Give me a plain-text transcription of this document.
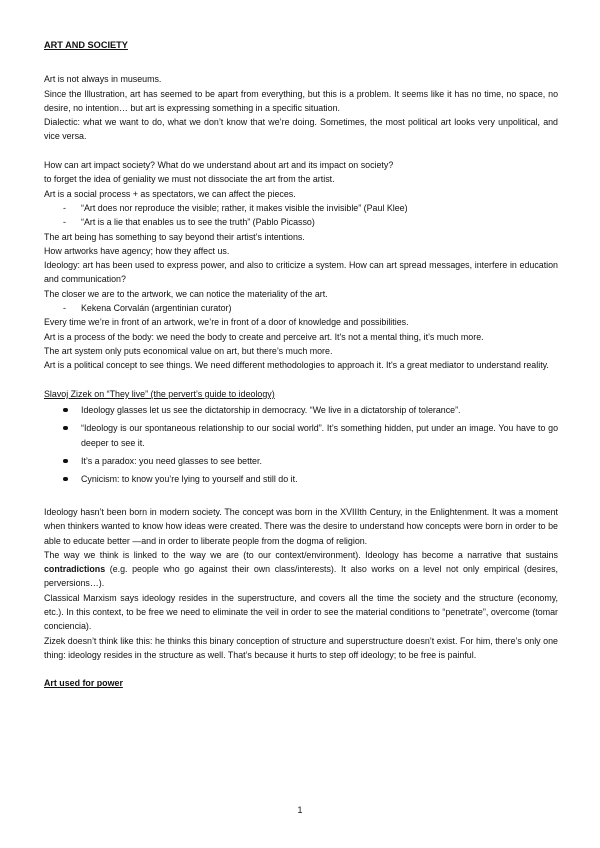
ART AND SOCIETY

Art is not always in museums.

Since the Illustration, art has seemed to be apart from everything, but this is a problem. It seems like it has no time, no space, no desire, no intention… but art is expressing something in a specific situation.

Dialectic: what we want to do, what we don’t know that we’re doing. Sometimes, the most political art looks very unpolitical, and vice versa.

How can art impact society? What do we understand about art and its impact on society?

to forget the idea of geniality we must not dissociate the art from the artist.

Art is a social process + as spectators, we can affect the pieces.

- “Art does nor reproduce the visible; rather, it makes visible the invisible” (Paul Klee)
- “Art is a lie that enables us to see the truth” (Pablo Picasso)

The art being has something to say beyond their artist’s intentions.

How artworks have agency; how they affect us.

Ideology: art has been used to express power, and also to criticize a system. How can art spread messages, interfere in education and communication?

The closer we are to the artwork, we can notice the materiality of the art.

- Kekena Corvalán (argentinian curator)

Every time we’re in front of an artwork, we’re in front of a door of knowledge and possibilities.

Art is a process of the body: we need the body to create and perceive art. It's not a mental thing, it’s much more.

The art system only puts economical value on art, but there’s much more.

Art is a political concept to see things. We need different methodologies to approach it. It's a great mediator to understand reality.

Slavoj Zizek on “They live” (the pervert’s guide to ideology)

Ideology glasses let us see the dictatorship in democracy. “We live in a dictatorship of tolerance”.
“Ideology is our spontaneous relationship to our social world”. It’s something hidden, put under an image. You have to go deeper to see it.
It’s a paradox: you need glasses to see better.
Cynicism: to know you’re lying to yourself and still do it.

Ideology hasn’t been born in modern society. The concept was born in the XVIIIth Century, in the Enlightenment. It was a moment when thinkers wanted to know how ideas were created. There was the desire to understand how concepts were born in order to be able to educate better —and in order to liberate people from the dogma of religion.

The way we think is linked to the way we are (to our context/environment). Ideology has become a narrative that sustains contradictions (e.g. people who go against their own class/interests). It also works on a level not only empirical (desires, perversions…).

Classical Marxism says ideology resides in the superstructure, and covers all the time the society and the structure (economy, etc.). In this context, to be free we need to eliminate the veil in order to see the material conditions to “penetrate”, overcome (tomar conciencia).

Zizek doesn’t think like this: he thinks this binary conception of structure and superstructure doesn’t exist. For him, there’s only one thing: ideology resides in the structure as well. That’s because it hurts to step off ideology; to be free is painful.

Art used for power

1
